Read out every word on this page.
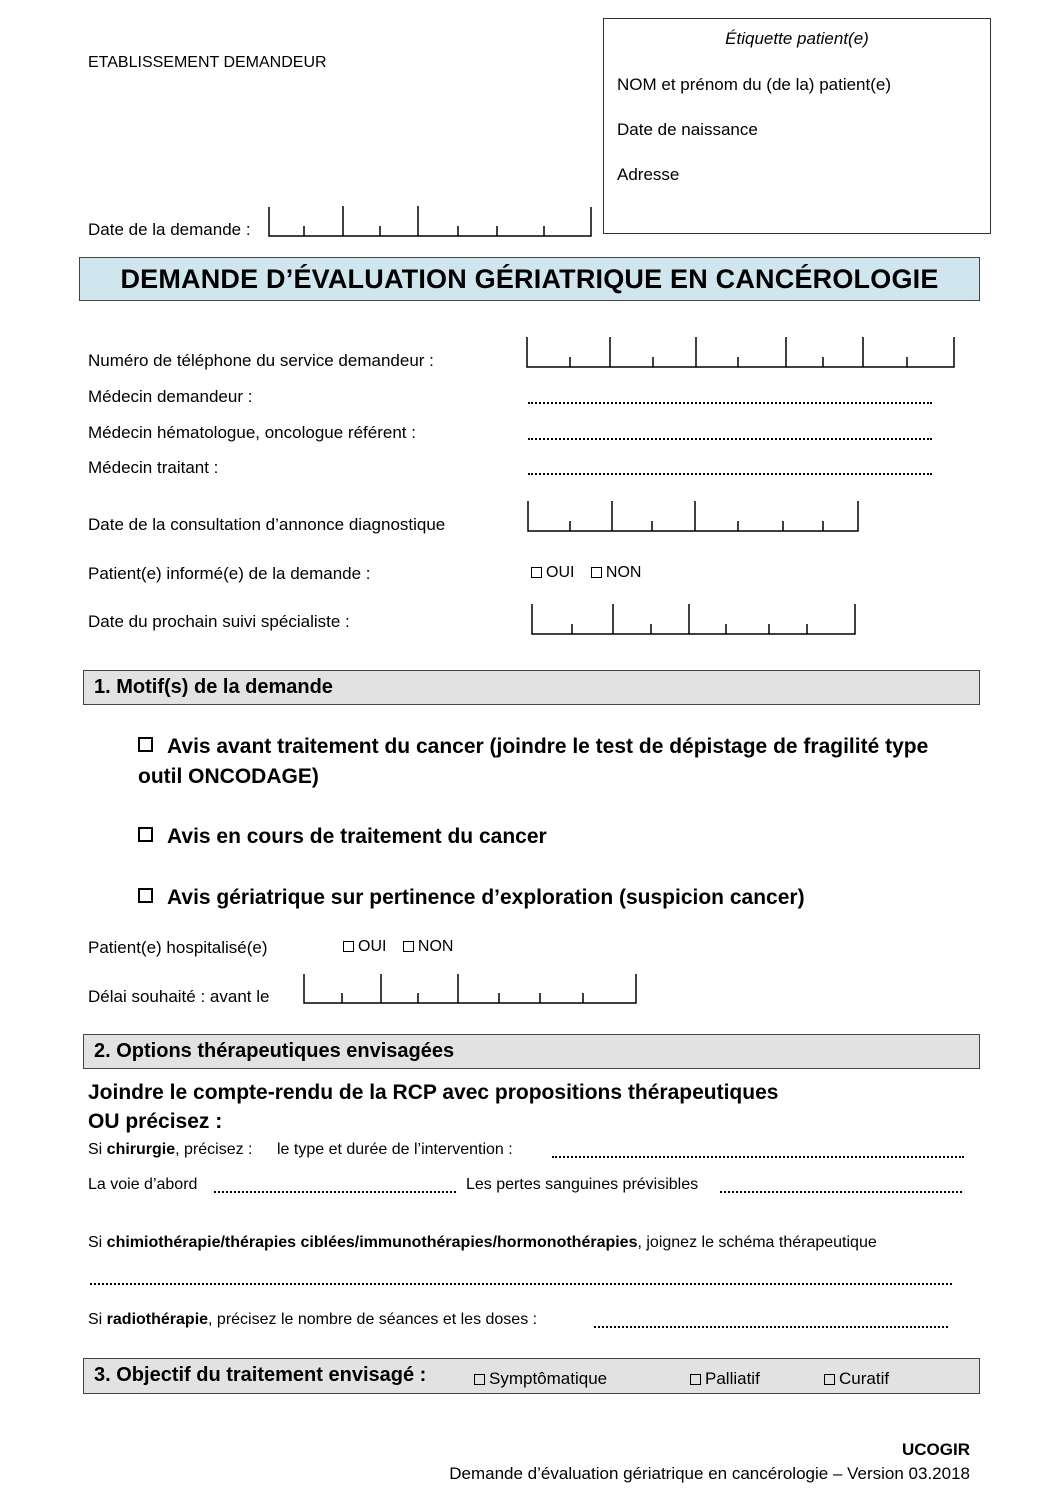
ETABLISSEMENT DEMANDEUR
Étiquette patient(e)
NOM et prénom du (de la) patient(e)
Date de naissance
Adresse
Date de la demande :
DEMANDE D’ÉVALUATION GÉRIATRIQUE EN CANCÉROLOGIE
Numéro de téléphone du service demandeur :
Médecin demandeur :
Médecin hématologue, oncologue référent :
Médecin traitant :
Date de la consultation d’annonce diagnostique
Patient(e) informé(e) de la demande :	OUI NON
Date du prochain suivi spécialiste :
1. Motif(s) de la demande
Avis avant traitement du cancer (joindre le test de dépistage de fragilité type outil ONCODAGE)
Avis en cours de traitement du cancer
Avis gériatrique sur pertinence d’exploration (suspicion cancer)
Patient(e) hospitalisé(e)	OUI NON
Délai souhaité : avant le
2. Options thérapeutiques envisagées
Joindre le compte-rendu de la RCP avec propositions thérapeutiques
OU précisez :
Si chirurgie, précisez : le type et durée de l’intervention :
La voie d’abord	Les pertes sanguines prévisibles
Si chimiothérapie/thérapies ciblées/immunothérapies/hormonothérapies, joignez le schéma thérapeutique
Si radiothérapie, précisez le nombre de séances et les doses :
3. Objectif du traitement envisagé :	Symptômatique	Palliatif	Curatif
UCOGIR
Demande d’évaluation gériatrique en cancérologie – Version 03.2018
